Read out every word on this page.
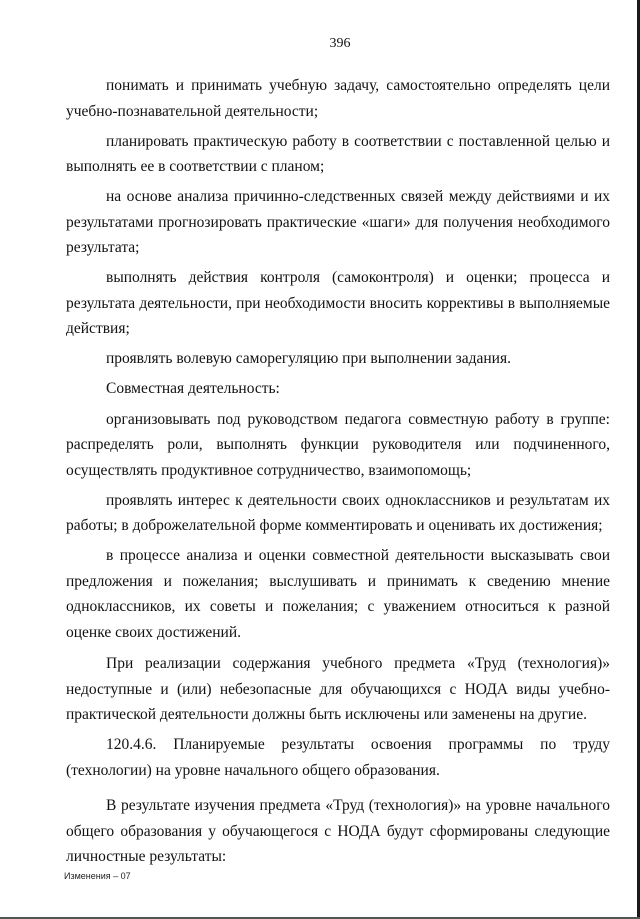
396

понимать и принимать учебную задачу, самостоятельно определять цели учебно-познавательной деятельности;

планировать практическую работу в соответствии с поставленной целью и выполнять ее в соответствии с планом;

на основе анализа причинно-следственных связей между действиями и их результатами прогнозировать практические «шаги» для получения необходимого результата;

выполнять действия контроля (самоконтроля) и оценки; процесса и результата деятельности, при необходимости вносить коррективы в выполняемые действия;

проявлять волевую саморегуляцию при выполнении задания.

Совместная деятельность:

организовывать под руководством педагога совместную работу в группе: распределять роли, выполнять функции руководителя или подчиненного, осуществлять продуктивное сотрудничество, взаимопомощь;

проявлять интерес к деятельности своих одноклассников и результатам их работы; в доброжелательной форме комментировать и оценивать их достижения;

в процессе анализа и оценки совместной деятельности высказывать свои предложения и пожелания; выслушивать и принимать к сведению мнение одноклассников, их советы и пожелания; с уважением относиться к разной оценке своих достижений.

При реализации содержания учебного предмета «Труд (технология)» недоступные и (или) небезопасные для обучающихся с НОДА виды учебно-практической деятельности должны быть исключены или заменены на другие.

120.4.6. Планируемые результаты освоения программы по труду (технологии) на уровне начального общего образования.

В результате изучения предмета «Труд (технология)» на уровне начального общего образования у обучающегося с НОДА будут сформированы следующие личностные результаты:

Изменения – 07
